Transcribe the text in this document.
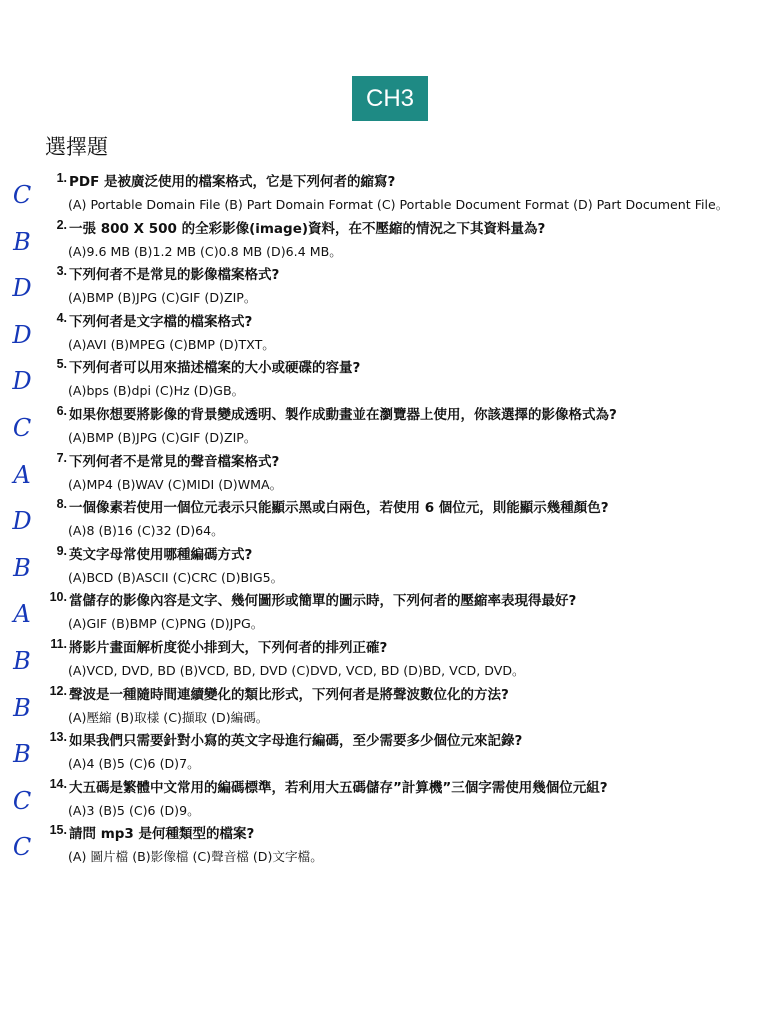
CH3
選擇題
C
1. PDF 是被廣泛使用的檔案格式，它是下列何者的縮寫?
(A) Portable Domain File (B) Part Domain Format (C) Portable Document Format (D) Part Document File。
B
2. 一張 800 X 500 的全彩影像(image)資料，在不壓縮的情況之下其資料量為?
(A)9.6 MB (B)1.2 MB (C)0.8 MB (D)6.4 MB。
D
3. 下列何者不是常見的影像檔案格式?
(A)BMP (B)JPG (C)GIF (D)ZIP。
D
4. 下列何者是文字檔的檔案格式?
(A)AVI (B)MPEG (C)BMP (D)TXT。
D
5. 下列何者可以用來描述檔案的大小或硬碟的容量?
(A)bps (B)dpi (C)Hz (D)GB。
C
6. 如果你想要將影像的背景變成透明、製作成動畫並在瀏覽器上使用，你該選擇的影像格式為?
(A)BMP (B)JPG (C)GIF (D)ZIP。
A
7. 下列何者不是常見的聲音檔案格式?
(A)MP4 (B)WAV (C)MIDI (D)WMA。
D
8. 一個像素若使用一個位元表示只能顯示黑或白兩色，若使用 6 個位元，則能顯示幾種顏色?
(A)8 (B)16 (C)32 (D)64。
B
9. 英文字母常使用哪種編碼方式?
(A)BCD (B)ASCII (C)CRC (D)BIG5。
A
10. 當儲存的影像內容是文字、幾何圖形或簡單的圖示時，下列何者的壓縮率表現得最好?
(A)GIF (B)BMP (C)PNG (D)JPG。
B
11. 將影片畫面解析度從小排到大，下列何者的排列正確?
(A)VCD, DVD, BD (B)VCD, BD, DVD (C)DVD, VCD, BD (D)BD, VCD, DVD。
B
12. 聲波是一種隨時間連續變化的類比形式，下列何者是將聲波數位化的方法?
(A)壓縮 (B)取樣 (C)擷取 (D)編碼。
B
13. 如果我們只需要針對小寫的英文字母進行編碼，至少需要多少個位元來記錄?
(A)4 (B)5 (C)6 (D)7。
C
14. 大五碼是繁體中文常用的編碼標準，若利用大五碼儲存”計算機”三個字需使用幾個位元組?
(A)3 (B)5 (C)6 (D)9。
C
15. 請問 mp3 是何種類型的檔案?
(A) 圖片檔 (B)影像檔 (C)聲音檔 (D)文字檔。
